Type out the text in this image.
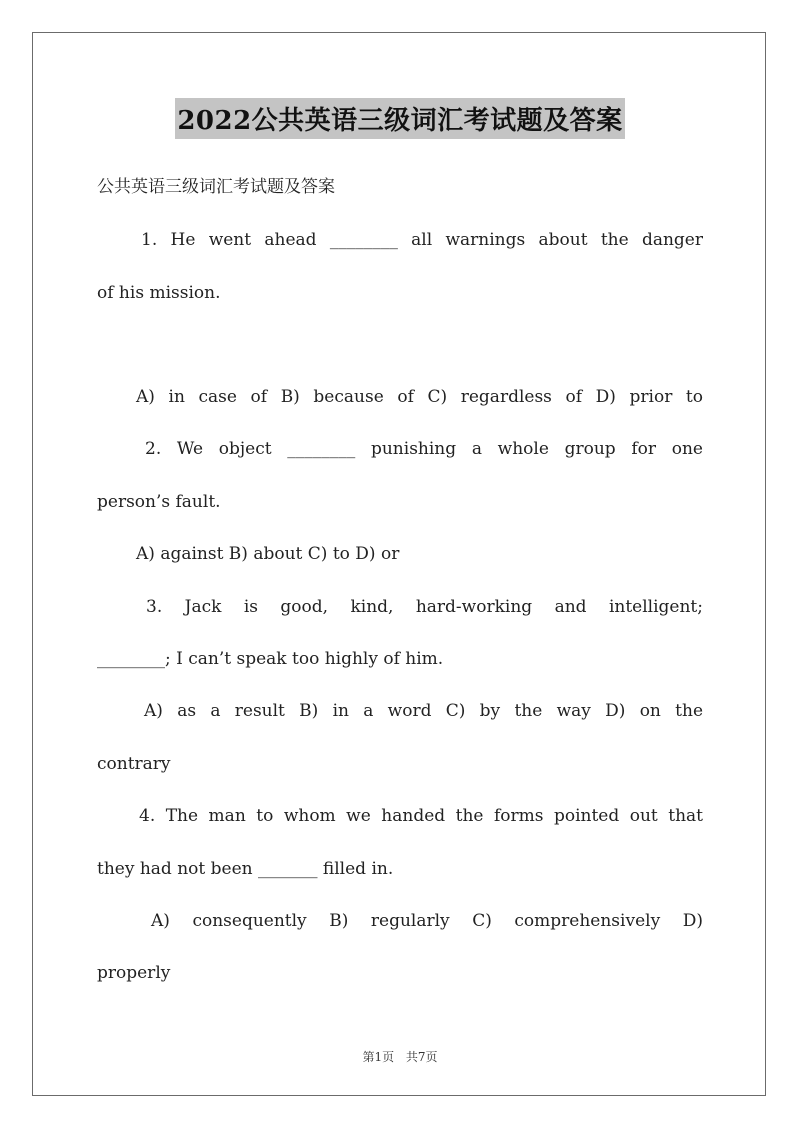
2022公共英语三级词汇考试题及答案
公共英语三级词汇考试题及答案
1. He went ahead ________ all warnings about the danger
of his mission.
A) in case of B) because of C) regardless of D) prior to
2. We object ________ punishing a whole group for one
person’s fault.
A) against B) about C) to D) or
3. Jack is good, kind, hard-working and intelligent;
________; I can’t speak too highly of him.
A) as a result B) in a word C) by the way D) on the
contrary
4. The man to whom we handed the forms pointed out that
they had not been _______ filled in.
A) consequently B) regularly C) comprehensively D)
properly
第1页 共7页
